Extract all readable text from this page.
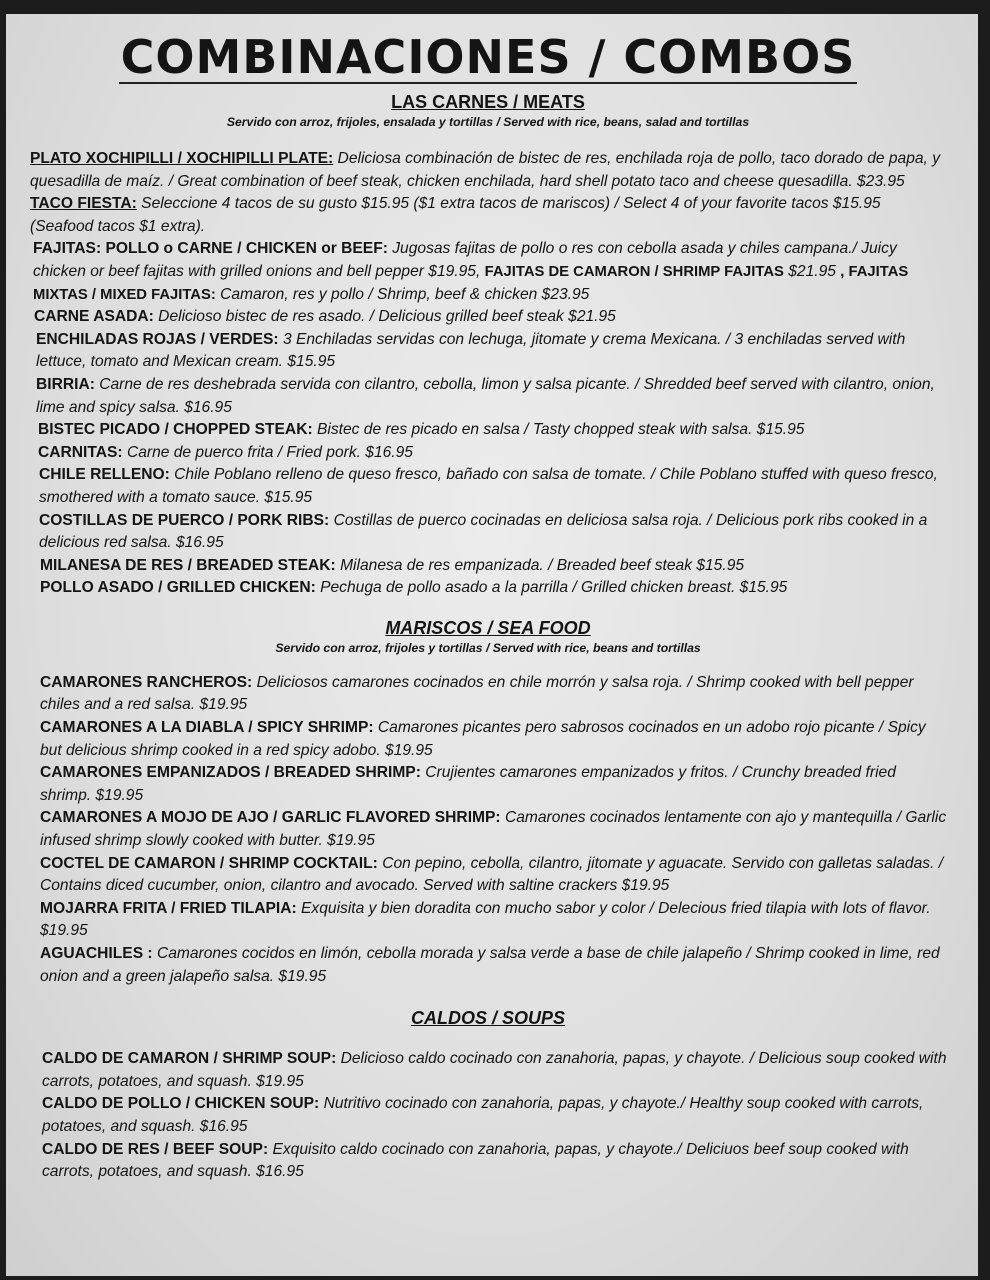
COMBINACIONES / COMBOS
LAS CARNES / MEATS
Servido con arroz, frijoles, ensalada y tortillas / Served with rice, beans, salad and tortillas

PLATO XOCHIPILLI / XOCHIPILLI PLATE: Deliciosa combinación de bistec de res, enchilada roja de pollo, taco dorado de papa, y quesadilla de maíz. / Great combination of beef steak, chicken enchilada, hard shell potato taco and cheese quesadilla. $23.95

TACO FIESTA: Seleccione 4 tacos de su gusto $15.95 ($1 extra tacos de mariscos) / Select 4 of your favorite tacos $15.95 (Seafood tacos $1 extra).

FAJITAS: POLLO o CARNE / CHICKEN or BEEF: Jugosas fajitas de pollo o res con cebolla asada y chiles campana./ Juicy chicken or beef fajitas with grilled onions and bell pepper $19.95, FAJITAS DE CAMARON / SHRIMP FAJITAS $21.95 , FAJITAS MIXTAS / MIXED FAJITAS: Camaron, res y pollo / Shrimp, beef & chicken $23.95

CARNE ASADA: Delicioso bistec de res asado. / Delicious grilled beef steak $21.95

ENCHILADAS ROJAS / VERDES: 3 Enchiladas servidas con lechuga, jitomate y crema Mexicana. / 3 enchiladas served with lettuce, tomato and Mexican cream. $15.95

BIRRIA: Carne de res deshebrada servida con cilantro, cebolla, limon y salsa picante. / Shredded beef served with cilantro, onion, lime and spicy salsa. $16.95

BISTEC PICADO / CHOPPED STEAK: Bistec de res picado en salsa / Tasty chopped steak with salsa. $15.95

CARNITAS: Carne de puerco frita / Fried pork. $16.95

CHILE RELLENO: Chile Poblano relleno de queso fresco, bañado con salsa de tomate. / Chile Poblano stuffed with queso fresco, smothered with a tomato sauce. $15.95

COSTILLAS DE PUERCO / PORK RIBS: Costillas de puerco cocinadas en deliciosa salsa roja. / Delicious pork ribs cooked in a delicious red salsa. $16.95

MILANESA DE RES / BREADED STEAK: Milanesa de res empanizada. / Breaded beef steak $15.95

POLLO ASADO / GRILLED CHICKEN: Pechuga de pollo asado a la parrilla / Grilled chicken breast. $15.95

MARISCOS / SEA FOOD
Servido con arroz, frijoles y tortillas / Served with rice, beans and tortillas

CAMARONES RANCHEROS: Deliciosos camarones cocinados en chile morrón y salsa roja. / Shrimp cooked with bell pepper chiles and a red salsa. $19.95

CAMARONES A LA DIABLA / SPICY SHRIMP: Camarones picantes pero sabrosos cocinados en un adobo rojo picante / Spicy but delicious shrimp cooked in a red spicy adobo. $19.95

CAMARONES EMPANIZADOS / BREADED SHRIMP: Crujientes camarones empanizados y fritos. / Crunchy breaded fried shrimp. $19.95

CAMARONES A MOJO DE AJO / GARLIC FLAVORED SHRIMP: Camarones cocinados lentamente con ajo y mantequilla / Garlic infused shrimp slowly cooked with butter. $19.95

COCTEL DE CAMARON / SHRIMP COCKTAIL: Con pepino, cebolla, cilantro, jitomate y aguacate. Servido con galletas saladas. / Contains diced cucumber, onion, cilantro and avocado. Served with saltine crackers $19.95

MOJARRA FRITA / FRIED TILAPIA: Exquisita y bien doradita con mucho sabor y color / Delecious fried tilapia with lots of flavor. $19.95

AGUACHILES : Camarones cocidos en limón, cebolla morada y salsa verde a base de chile jalapeño / Shrimp cooked in lime, red onion and a green jalapeño salsa. $19.95

CALDOS / SOUPS

CALDO DE CAMARON / SHRIMP SOUP: Delicioso caldo cocinado con zanahoria, papas, y chayote. / Delicious soup cooked with carrots, potatoes, and squash. $19.95

CALDO DE POLLO / CHICKEN SOUP: Nutritivo cocinado con zanahoria, papas, y chayote./ Healthy soup cooked with carrots, potatoes, and squash. $16.95

CALDO DE RES / BEEF SOUP: Exquisito caldo cocinado con zanahoria, papas, y chayote./ Deliciuos beef soup cooked with carrots, potatoes, and squash. $16.95
